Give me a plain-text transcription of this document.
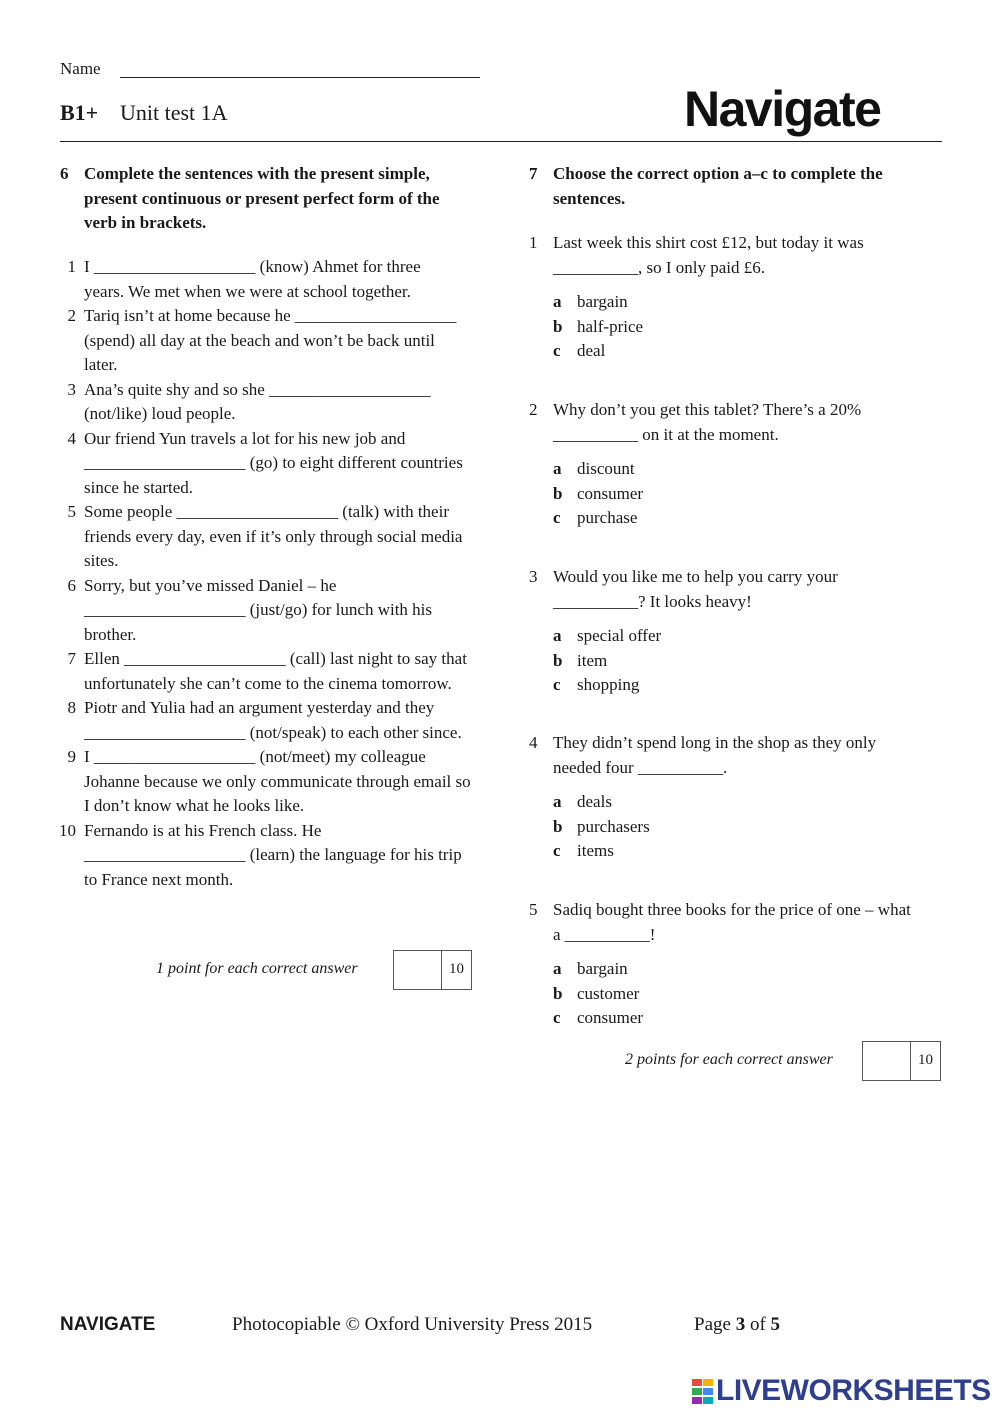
Name
B1+ Unit test 1A	Navigate
6 Complete the sentences with the present simple, present continuous or present perfect form of the verb in brackets.
1 I ___________________ (know) Ahmet for three years. We met when we were at school together.
2 Tariq isn’t at home because he ___________________ (spend) all day at the beach and won’t be back until later.
3 Ana’s quite shy and so she ___________________ (not/like) loud people.
4 Our friend Yun travels a lot for his new job and ___________________ (go) to eight different countries since he started.
5 Some people ___________________ (talk) with their friends every day, even if it’s only through social media sites.
6 Sorry, but you’ve missed Daniel – he ___________________ (just/go) for lunch with his brother.
7 Ellen ___________________ (call) last night to say that unfortunately she can’t come to the cinema tomorrow.
8 Piotr and Yulia had an argument yesterday and they ___________________ (not/speak) to each other since.
9 I ___________________ (not/meet) my colleague Johanne because we only communicate through email so I don’t know what he looks like.
10 Fernando is at his French class. He ___________________ (learn) the language for his trip to France next month.
1 point for each correct answer	10
7 Choose the correct option a–c to complete the sentences.
1 Last week this shirt cost £12, but today it was __________, so I only paid £6.
a bargain
b half-price
c deal
2 Why don’t you get this tablet? There’s a 20% __________ on it at the moment.
a discount
b consumer
c purchase
3 Would you like me to help you carry your __________? It looks heavy!
a special offer
b item
c shopping
4 They didn’t spend long in the shop as they only needed four __________.
a deals
b purchasers
c items
5 Sadiq bought three books for the price of one – what a __________!
a bargain
b customer
c consumer
2 points for each correct answer	10
NAVIGATE	Photocopiable © Oxford University Press 2015	Page 3 of 5
LIVEWORKSHEETS
